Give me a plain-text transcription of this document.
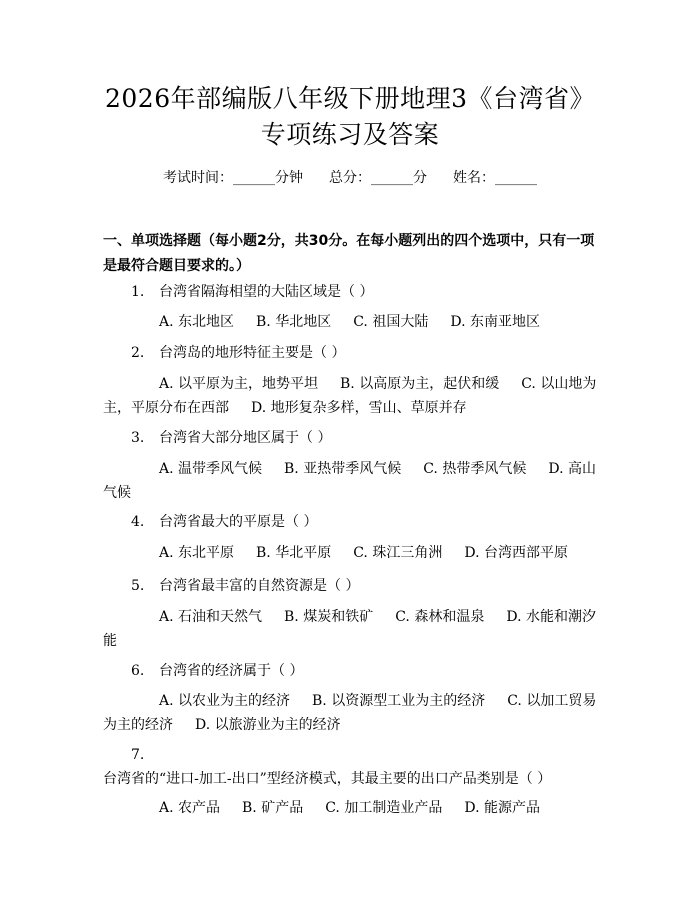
2026年部编版八年级下册地理3《台湾省》
专项练习及答案
考试时间：______分钟 总分：______分 姓名：______

一、单项选择题（每小题2分，共30分。在每小题列出的四个选项中，只有一项是最符合题目要求的。）

1. 台湾省隔海相望的大陆区域是（ ）

A. 东北地区 B. 华北地区 C. 祖国大陆 D. 东南亚地区

2. 台湾岛的地形特征主要是（ ）

A. 以平原为主，地势平坦 B. 以高原为主，起伏和缓 C. 以山地为主，平原分布在西部 D. 地形复杂多样，雪山、草原并存

3. 台湾省大部分地区属于（ ）

A. 温带季风气候 B. 亚热带季风气候 C. 热带季风气候 D. 高山气候

4. 台湾省最大的平原是（ ）

A. 东北平原 B. 华北平原 C. 珠江三角洲 D. 台湾西部平原

5. 台湾省最丰富的自然资源是（ ）

A. 石油和天然气 B. 煤炭和铁矿 C. 森林和温泉 D. 水能和潮汐能

6. 台湾省的经济属于（ ）

A. 以农业为主的经济 B. 以资源型工业为主的经济 C. 以加工贸易为主的经济 D. 以旅游业为主的经济

7.台湾省的“进口-加工-出口”型经济模式，其最主要的出口产品类别是（ ）

A. 农产品 B. 矿产品 C. 加工制造业产品 D. 能源产品
